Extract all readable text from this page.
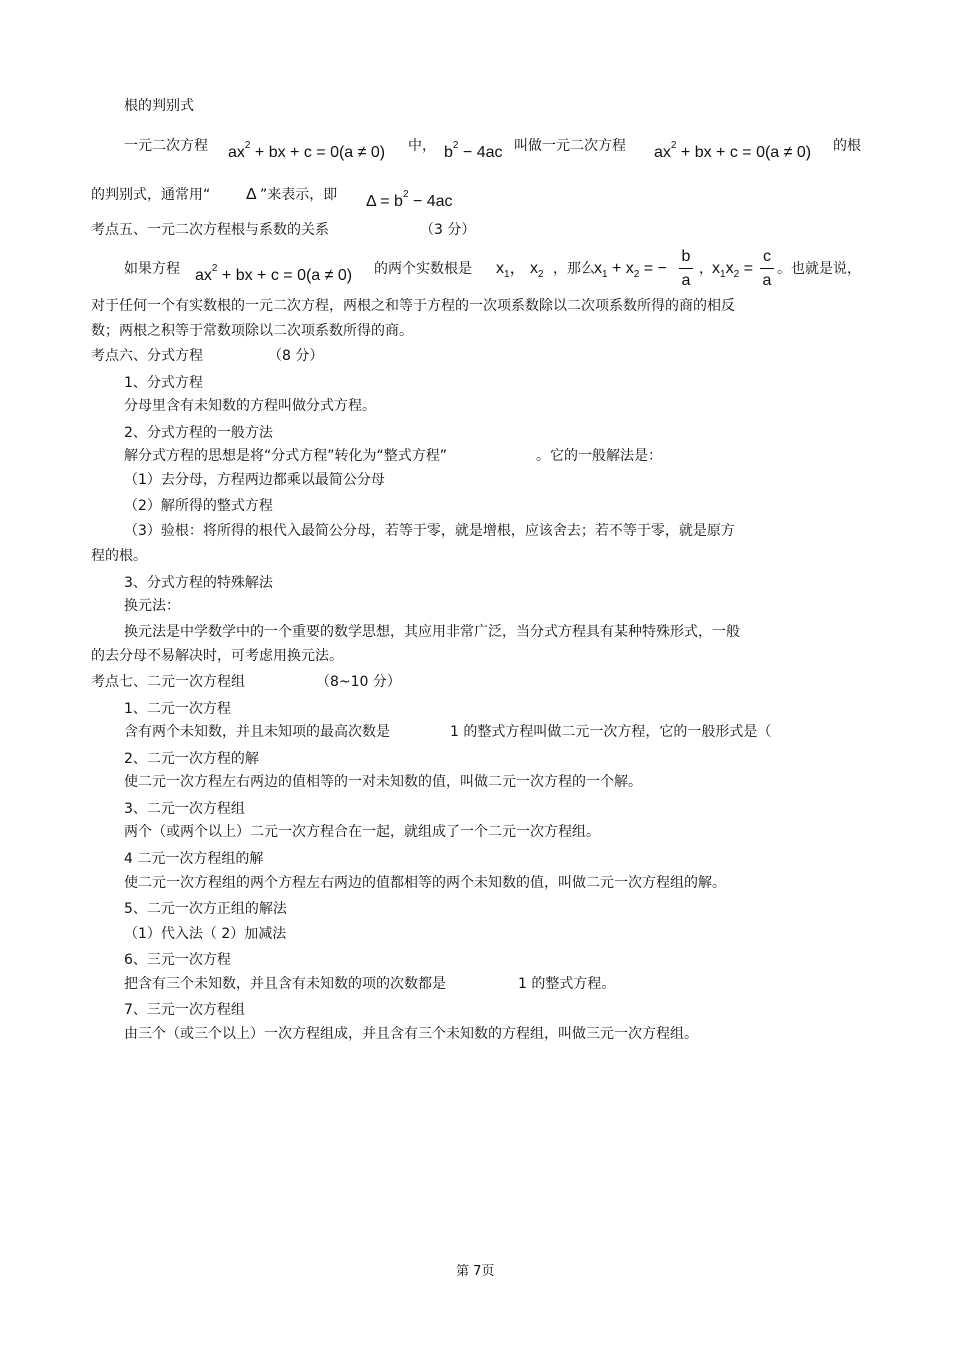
根的判别式
一元二次方程 $ax^2$ + bx + c = 0(a ≠ 0) 中， $b^2 - 4ac$ 叫做一元二次方程 $ax^2$ + bx + c = 0(a ≠ 0) 的根
的判别式，通常用“ Δ ”来表示，即 $\Delta = b^2 - 4ac$
考点五、一元二次方程根与系数的关系	（3 分）
如果方程 $ax^2$ + bx + c = 0(a ≠ 0) 的两个实数根是 $x_1$， $x_2$ ，那么 $x_1 + x_2$ = −
b
a
， $x_1x_2$ =
c
a
。也就是说，
对于任何一个有实数根的一元二次方程，两根之和等于方程的一次项系数除以二次项系数所得的商的相反
数；两根之积等于常数项除以二次项系数所得的商。
考点六、分式方程	（8 分）
1、分式方程
分母里含有未知数的方程叫做分式方程。
2、分式方程的一般方法
解分式方程的思想是将“分式方程”转化为“整式方程”	。它的一般解法是：
（1）去分母，方程两边都乘以最简公分母
（2）解所得的整式方程
（3）验根：将所得的根代入最简公分母，若等于零，就是增根，应该舍去；若不等于零，就是原方
程的根。
3、分式方程的特殊解法
换元法：
换元法是中学数学中的一个重要的数学思想，其应用非常广泛，当分式方程具有某种特殊形式，一般
的去分母不易解决时，可考虑用换元法。
考点七、二元一次方程组	（8~10 分）
1、二元一次方程
含有两个未知数，并且未知项的最高次数是	1 的整式方程叫做二元一次方程，它的一般形式是（
2、二元一次方程的解
使二元一次方程左右两边的值相等的一对未知数的值，叫做二元一次方程的一个解。
3、二元一次方程组
两个（或两个以上）二元一次方程合在一起，就组成了一个二元一次方程组。
4 二元一次方程组的解
使二元一次方程组的两个方程左右两边的值都相等的两个未知数的值，叫做二元一次方程组的解。
5、二元一次方正组的解法
（1）代入法（ 2）加减法
6、三元一次方程
把含有三个未知数，并且含有未知数的项的次数都是	1 的整式方程。
7、三元一次方程组
由三个（或三个以上）一次方程组成，并且含有三个未知数的方程组，叫做三元一次方程组。
第 7页
